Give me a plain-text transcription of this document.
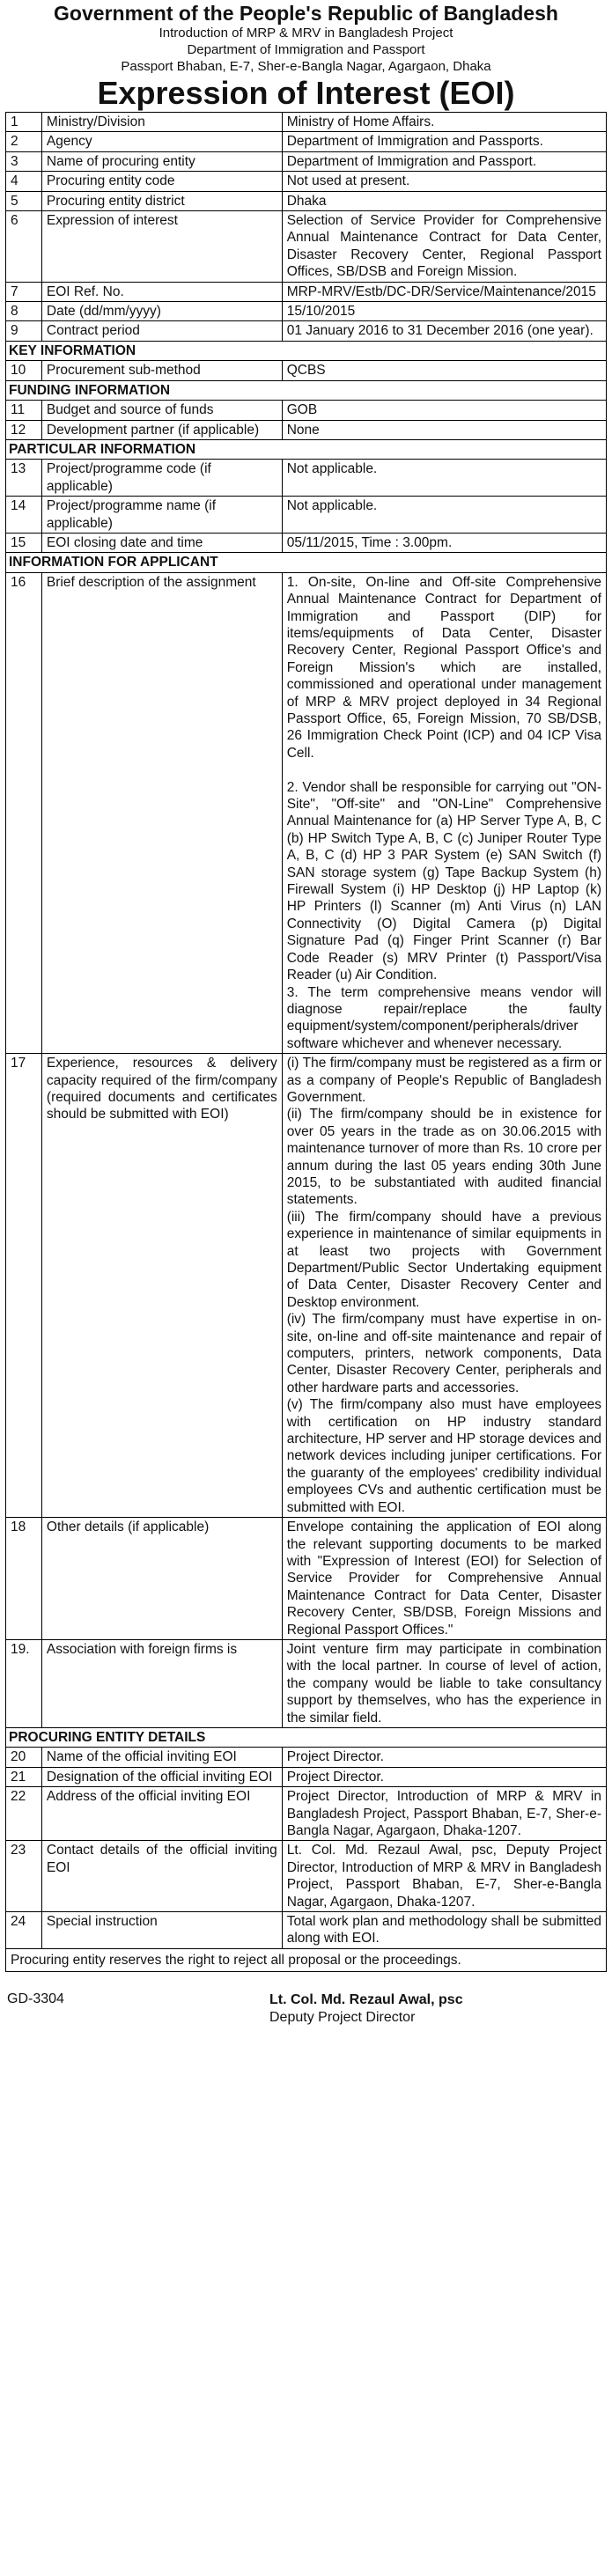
Government of the People's Republic of Bangladesh
Introduction of MRP & MRV in Bangladesh Project
Department of Immigration and Passport
Passport Bhaban, E-7, Sher-e-Bangla Nagar, Agargaon, Dhaka
Expression of Interest (EOI)
1	Ministry/Division	Ministry of Home Affairs.
2	Agency	Department of Immigration and Passports.
3	Name of procuring entity	Department of Immigration and Passport.
4	Procuring entity code	Not used at present.
5	Procuring entity district	Dhaka
6	Expression of interest	Selection of Service Provider for Comprehensive Annual Maintenance Contract for Data Center, Disaster Recovery Center, Regional Passport Offices, SB/DSB and Foreign Mission.
7	EOI Ref. No.	MRP-MRV/Estb/DC-DR/Service/Maintenance/2015
8	Date (dd/mm/yyyy)	15/10/2015
9	Contract period	01 January 2016 to 31 December 2016 (one year).
KEY INFORMATION		
10	Procurement sub-method	QCBS
FUNDING INFORMATION		
11	Budget and source of funds	GOB
12	Development partner (if applicable)	None
PARTICULAR INFORMATION		
13	Project/programme code (if applicable)	Not applicable.
14	Project/programme name (if applicable)	Not applicable.
15	EOI closing date and time	05/11/2015, Time : 3.00pm.
INFORMATION FOR APPLICANT		
16	Brief description of the assignment	1. On-site, On-line and Off-site Comprehensive Annual Maintenance Contract for Department of Immigration and Passport (DIP) for items/equipments of Data Center, Disaster Recovery Center, Regional Passport Office's and Foreign Mission's which are installed, commissioned and operational under management of MRP & MRV project deployed in 34 Regional Passport Office, 65, Foreign Mission, 70 SB/DSB, 26 Immigration Check Point (ICP) and 04 ICP Visa Cell.

2. Vendor shall be responsible for carrying out "ON-Site", "Off-site" and "ON-Line" Comprehensive Annual Maintenance for (a) HP Server Type A, B, C (b) HP Switch Type A, B, C (c) Juniper Router Type A, B, C (d) HP 3 PAR System (e) SAN Switch (f) SAN storage system (g) Tape Backup System (h) Firewall System (i) HP Desktop (j) HP Laptop (k) HP Printers (l) Scanner (m) Anti Virus (n) LAN Connectivity (O) Digital Camera (p) Digital Signature Pad (q) Finger Print Scanner (r) Bar Code Reader (s) MRV Printer (t) Passport/Visa Reader (u) Air Condition.
3. The term comprehensive means vendor will diagnose repair/replace the faulty equipment/system/component/peripherals/driver software whichever and whenever necessary.
17	Experience, resources & delivery capacity required of the firm/company (required documents and certificates should be submitted with EOI)	(i) The firm/company must be registered as a firm or as a company of People's Republic of Bangladesh Government.
(ii) The firm/company should be in existence for over 05 years in the trade as on 30.06.2015 with maintenance turnover of more than Rs. 10 crore per annum during the last 05 years ending 30th June 2015, to be substantiated with audited financial statements.
(iii) The firm/company should have a previous experience in maintenance of similar equipments in at least two projects with Government Department/Public Sector Undertaking equipment of Data Center, Disaster Recovery Center and Desktop environment.
(iv) The firm/company must have expertise in on-site, on-line and off-site maintenance and repair of computers, printers, network components, Data Center, Disaster Recovery Center, peripherals and other hardware parts and accessories.
(v) The firm/company also must have employees with certification on HP industry standard architecture, HP server and HP storage devices and network devices including juniper certifications. For the guaranty of the employees' credibility individual employees CVs and authentic certification must be submitted with EOI.
18	Other details (if applicable)	Envelope containing the application of EOI along the relevant supporting documents to be marked with "Expression of Interest (EOI) for Selection of Service Provider for Comprehensive Annual Maintenance Contract for Data Center, Disaster Recovery Center, SB/DSB, Foreign Missions and Regional Passport Offices."
19.	Association with foreign firms is	Joint venture firm may participate in combination with the local partner. In course of level of action, the company would be liable to take consultancy support by themselves, who has the experience in the similar field.
PROCURING ENTITY DETAILS		
20	Name of the official inviting EOI	Project Director.
21	Designation of the official inviting EOI	Project Director.
22	Address of the official inviting EOI	Project Director, Introduction of MRP & MRV in Bangladesh Project, Passport Bhaban, E-7, Sher-e-Bangla Nagar, Agargaon, Dhaka-1207.
23	Contact details of the official inviting EOI	Lt. Col. Md. Rezaul Awal, psc, Deputy Project Director, Introduction of MRP & MRV in Bangladesh Project, Passport Bhaban, E-7, Sher-e-Bangla Nagar, Agargaon, Dhaka-1207.
24	Special instruction	Total work plan and methodology shall be submitted along with EOI.
Procuring entity reserves the right to reject all proposal or the proceedings.
GD-3304	Lt. Col. Md. Rezaul Awal, psc
Deputy Project Director
